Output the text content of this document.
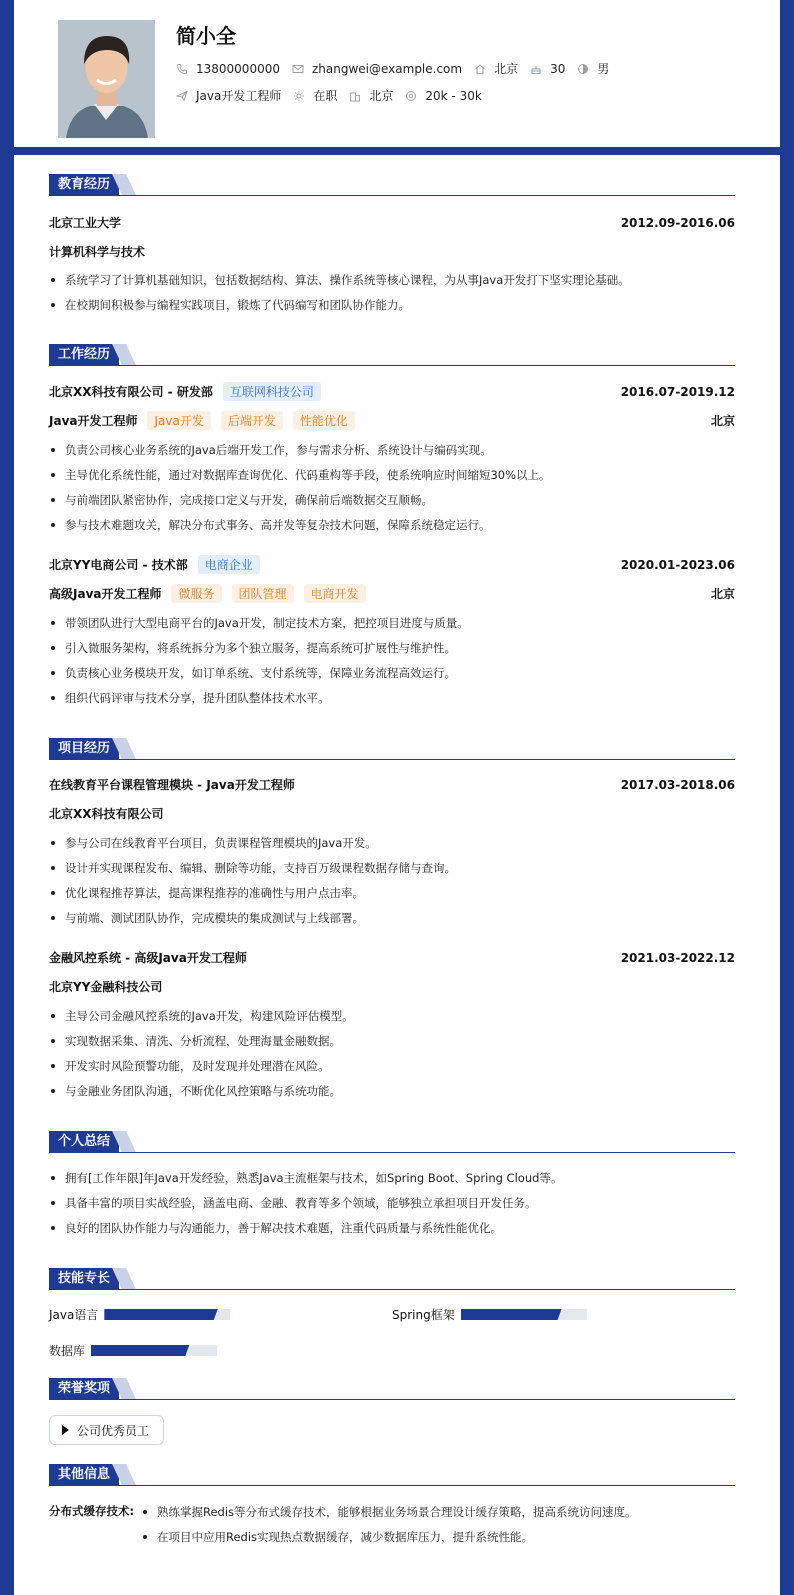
简小全
13800000000	zhangwei@example.com	北京	30	男
Java开发工程师	在职	北京	20k - 30k
教育经历
北京工业大学	2012.09-2016.06
计算机科学与技术
系统学习了计算机基础知识，包括数据结构、算法、操作系统等核心课程，为从事Java开发打下坚实理论基础。
在校期间积极参与编程实践项目，锻炼了代码编写和团队协作能力。
工作经历
北京XX科技有限公司 - 研发部	互联网科技公司	2016.07-2019.12
Java开发工程师	Java开发	后端开发	性能优化	北京
负责公司核心业务系统的Java后端开发工作，参与需求分析、系统设计与编码实现。
主导优化系统性能，通过对数据库查询优化、代码重构等手段，使系统响应时间缩短30%以上。
与前端团队紧密协作，完成接口定义与开发，确保前后端数据交互顺畅。
参与技术难题攻关，解决分布式事务、高并发等复杂技术问题，保障系统稳定运行。
北京YY电商公司 - 技术部	电商企业	2020.01-2023.06
高级Java开发工程师	微服务	团队管理	电商开发	北京
带领团队进行大型电商平台的Java开发，制定技术方案，把控项目进度与质量。
引入微服务架构，将系统拆分为多个独立服务，提高系统可扩展性与维护性。
负责核心业务模块开发，如订单系统、支付系统等，保障业务流程高效运行。
组织代码评审与技术分享，提升团队整体技术水平。
项目经历
在线教育平台课程管理模块 - Java开发工程师	2017.03-2018.06
北京XX科技有限公司
参与公司在线教育平台项目，负责课程管理模块的Java开发。
设计并实现课程发布、编辑、删除等功能，支持百万级课程数据存储与查询。
优化课程推荐算法，提高课程推荐的准确性与用户点击率。
与前端、测试团队协作，完成模块的集成测试与上线部署。
金融风控系统 - 高级Java开发工程师	2021.03-2022.12
北京YY金融科技公司
主导公司金融风控系统的Java开发，构建风险评估模型。
实现数据采集、清洗、分析流程，处理海量金融数据。
开发实时风险预警功能，及时发现并处理潜在风险。
与金融业务团队沟通，不断优化风控策略与系统功能。
个人总结
拥有[工作年限]年Java开发经验，熟悉Java主流框架与技术，如Spring Boot、Spring Cloud等。
具备丰富的项目实战经验，涵盖电商、金融、教育等多个领域，能够独立承担项目开发任务。
良好的团队协作能力与沟通能力，善于解决技术难题，注重代码质量与系统性能优化。
技能专长
Java语言	Spring框架
数据库
荣誉奖项
公司优秀员工
其他信息
分布式缓存技术:	熟练掌握Redis等分布式缓存技术，能够根据业务场景合理设计缓存策略，提高系统访问速度。
在项目中应用Redis实现热点数据缓存，减少数据库压力，提升系统性能。
